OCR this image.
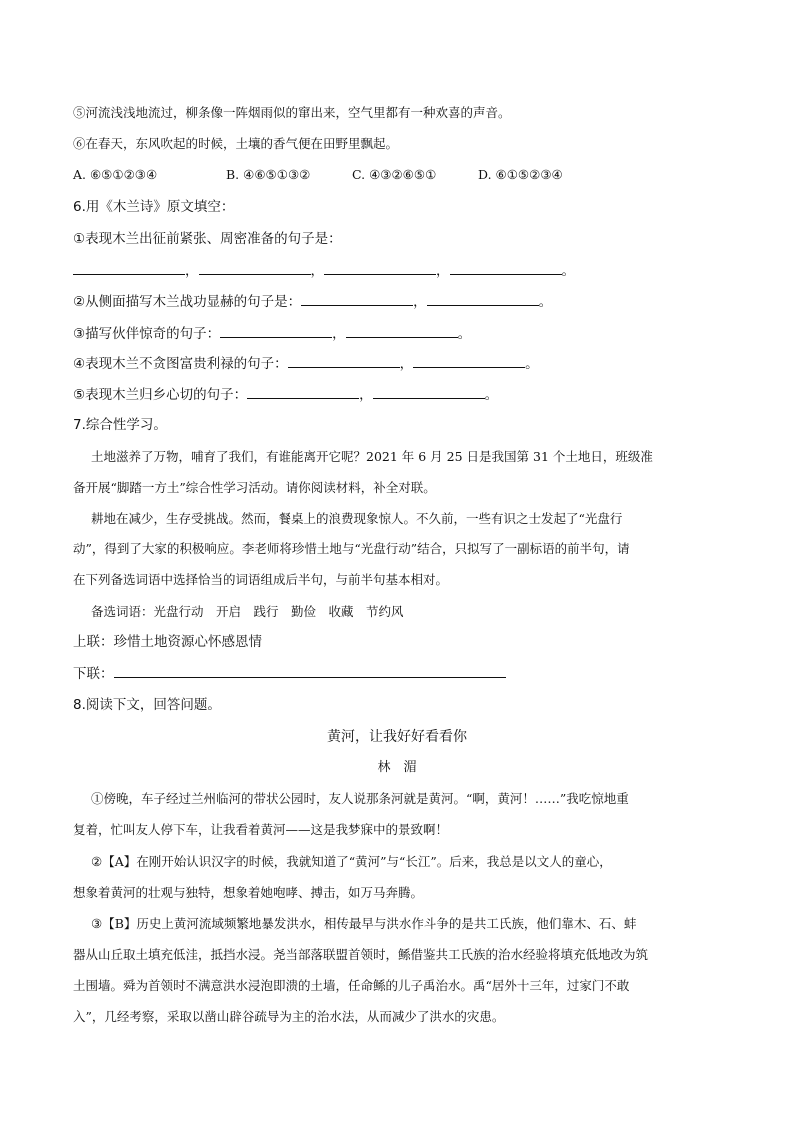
⑤河流浅浅地流过，柳条像一阵烟雨似的窜出来，空气里都有一种欢喜的声音。
⑥在春天，东风吹起的时候，土壤的香气便在田野里飘起。
A. ⑥⑤①②③④	B. ④⑥⑤①③②	C. ④③②⑥⑤①	D. ⑥①⑤②③④
6.用《木兰诗》原文填空：
①表现木兰出征前紧张、周密准备的句子是：
，	，	，	。
②从侧面描写木兰战功显赫的句子是：	，	。
③描写伙伴惊奇的句子：	，	。
④表现木兰不贪图富贵利禄的句子：	，	。
⑤表现木兰归乡心切的句子：	，	。
7.综合性学习。
土地滋养了万物，哺育了我们，有谁能离开它呢？2021 年 6 月 25 日是我国第 31 个土地日，班级准
备开展“脚踏一方土”综合性学习活动。请你阅读材料，补全对联。
耕地在减少，生存受挑战。然而，餐桌上的浪费现象惊人。不久前，一些有识之士发起了“光盘行
动”，得到了大家的积极响应。李老师将珍惜土地与“光盘行动”结合，只拟写了一副标语的前半句，请
在下列备选词语中选择恰当的词语组成后半句，与前半句基本相对。
备选词语：光盘行动　开启　践行　勤俭　收藏　节约风
上联：珍惜土地资源心怀感恩情
下联：
8.阅读下文，回答问题。
黄河，让我好好看看你
林　湄
①傍晚，车子经过兰州临河的带状公园时，友人说那条河就是黄河。“啊，黄河！……”我吃惊地重
复着，忙叫友人停下车，让我看着黄河——这是我梦寐中的景致啊！
②【A】在刚开始认识汉字的时候，我就知道了“黄河”与“长江”。后来，我总是以文人的童心，
想象着黄河的壮观与独特，想象着她咆哮、搏击，如万马奔腾。
③【B】历史上黄河流域频繁地暴发洪水，相传最早与洪水作斗争的是共工氏族，他们靠木、石、蚌
器从山丘取土填充低洼，抵挡水浸。尧当部落联盟首领时，鲧借鉴共工氏族的治水经验将填充低地改为筑
土围墙。舜为首领时不满意洪水浸泡即溃的土墙，任命鲧的儿子禹治水。禹“居外十三年，过家门不敢
入”，几经考察，采取以凿山辟谷疏导为主的治水法，从而减少了洪水的灾患。
